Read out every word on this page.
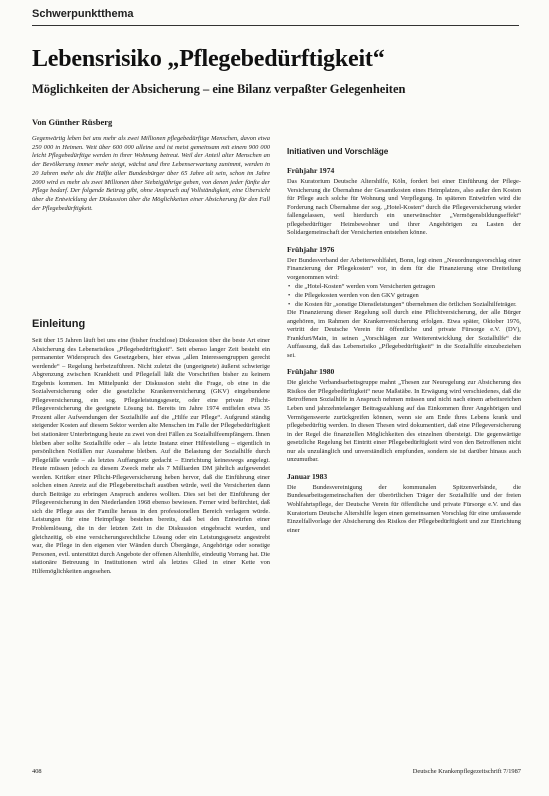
Schwerpunktthema
Lebensrisiko „Pflegebedürftigkeit“
Möglichkeiten der Absicherung – eine Bilanz verpaßter Gelegenheiten
Von Günther Rüsberg
Gegenwärtig leben bei uns mehr als zwei Millionen pflegebedürftige Menschen, davon etwa 250 000 in Heimen. Weit über 600 000 alleine und ist meist gemeinsam mit einem 900 000 leicht Pflegebedürftige werden in ihrer Wohnung betreut. Weil der Anteil alter Menschen an der Bevölkerung immer mehr steigt, wächst und ihre Lebenserwartung zunimmt, werden in 20 Jahren mehr als die Hälfte aller Bundesbürger über 65 Jahre alt sein, schon im Jahre 2000 wird es mehr als zwei Millionen über Siebzigjährige geben, von denen jeder fünfte der Pflege bedarf. Der folgende Beitrag gibt, ohne Anspruch auf Vollständigkeit, eine Übersicht über die Entwicklung der Diskussion über die Möglichkeiten einer Absicherung für den Fall der Pflegebedürftigkeit.
Einleitung
Seit über 15 Jahren läuft bei uns eine (bisher fruchtlose) Diskussion über die beste Art einer Absicherung des Lebensrisikos „Pflegebedürftigkeit“. Seit ebenso langer Zeit besteht ein permanenter Widerspruch des Gesetzgebers, hier etwas „allen Interessengruppen gerecht werdende“ – Regelung herbeizuführen. Nicht zuletzt die (ungeeignete) äußerst schwierige Abgrenzung zwischen Krankheit und Pflegefall läßt die Vorschriften bisher zu keinem Ergebnis kommen. Im Mittelpunkt der Diskussion steht die Frage, ob eine in die Sozialversicherung oder die gesetzliche Krankenversicherung (GKV) eingebundene Pflegeversicherung, ein sog. Pflegeleistungsgesetz, oder eine private Pflicht-Pflegeversicherung die geeignete Lösung ist. Bereits im Jahre 1974 entfielen etwa 35 Prozent aller Aufwendungen der Sozialhilfe auf die „Hilfe zur Pflege“. Aufgrund ständig steigender Kosten auf diesem Sektor werden alte Menschen im Falle der Pflegebedürftigkeit bei stationärer Unterbringung heute zu zwei von drei Fällen zu Sozialhilfeempfängern. Ihnen bleiben aber sollte Sozialhilfe oder – als letzte Instanz einer Hilfestellung – eigentlich in persönlichen Notfällen nur Ausnahme bleiben. Auf die Belastung der Sozialhilfe durch Pflegefälle wurde – als letztes Auffangnetz gedacht – Einrichtung keineswegs angelegt. Heute müssen jedoch zu diesem Zweck mehr als 7 Milliarden DM jährlich aufgewendet werden. Kritiker einer Pflicht-Pflegeversicherung heben hervor, daß die Einführung einer solchen einen Anreiz auf die Pflegebereitschaft ausüben würde, weil die Versicherten dann durch Beiträge zu erbringen Anspruch anderes wollten. Dies sei bei der Einführung der Pflegeversicherung in den Niederlanden 1968 ebenso bewiesen. Ferner wird befürchtet, daß sich die Pflege aus der Familie heraus in den professionellen Bereich verlagern würde. Leistungen für eine Heimpflege bestehen bereits, daß bei den Entwürfen einer Problemlösung, die in der letzten Zeit in die Diskussion eingebracht wurden, und gleichzeitig, ob eine versicherungsrechtliche Lösung oder ein Leistungsgesetz angestrebt war, die Pflege in den eigenen vier Wänden durch Übergänge, Angehörige oder sonstige Personen, evtl. unterstützt durch Angebote der offenen Altenhilfe, eindeutig Vorrang hat. Die stationäre Betreuung in Institutionen wird als letztes Glied in einer Kette von Hilfemöglichkeiten angesehen.
Initiativen und Vorschläge
Frühjahr 1974

Das Kuratorium Deutsche Altershilfe, Köln, fordert bei einer Einführung der Pflege-Versicherung die Übernahme der Gesamtkosten eines Heimplatzes, also außer den Kosten für Pflege auch solche für Wohnung und Verpflegung. In späteren Entwürfen wird die Forderung nach Übernahme der sog. „Hotel-Kosten“ durch die Pflegeversicherung wieder fallengelassen, weil hierdurch ein unerwünschter „Vermögensbildungseffekt“ pflegebedürftiger Heimbewohner und ihrer Angehörigen zu Lasten der Solidargemeinschaft der Versicherten entstehen könne.

Frühjahr 1976

Der Bundesverband der Arbeiterwohlfahrt, Bonn, legt einen „Neuordnungsvorschlag einer Finanzierung der Pflegekosten“ vor, in dem für die Finanzierung eine Dreiteilung vorgenommen wird:

• die „Hotel-Kosten“ werden vom Versicherten getragen
• die Pflegekosten werden von den GKV getragen
• die Kosten für „sonstige Dienstleistungen“ übernehmen die örtlichen Sozialhilfeträger.

Die Finanzierung dieser Regelung soll durch eine Pflichtversicherung, der alle Bürger angehören, im Rahmen der Krankenversicherung erfolgen. Etwa später, Oktober 1976, vertritt der Deutsche Verein für öffentliche und private Fürsorge e.V. (DV), Frankfurt/Main, in seinen „Vorschlägen zur Weiterentwicklung der Sozialhilfe“ die Auffassung, daß das Lebensrisiko „Pflegebedürftigkeit“ in die Sozialhilfe einzubeziehen sei.

Frühjahr 1980

Die gleiche Verbandsarbeitsgruppe mahnt „Thesen zur Neuregelung zur Absicherung des Risikos der Pflegebedürftigkeit“ neue Maßstäbe. In Erwägung wird verschiedenes, daß die Betroffenen Sozialhilfe in Anspruch nehmen müssen und nicht nach einem arbeitsreichen Leben und jahrzehntelanger Beitragszahlung auf das Einkommen ihrer Angehörigen und Vermögenswerte zurückgreifen können, wenn sie am Ende ihres Lebens krank und pflegebedürftig werden. In diesen Thesen wird dokumentiert, daß eine Pflegeversicherung in der Regel die finanziellen Möglichkeiten des einzelnen übersteigt. Die gegenwärtige gesetzliche Regelung bei Eintritt einer Pflegebedürftigkeit wird von den Betroffenen nicht nur als unzulänglich und unverständlich empfunden, sondern sie ist darüber hinaus auch unzumutbar.

Januar 1983

Die Bundesvereinigung der kommunalen Spitzenverbände, die Bundesarbeitsgemeinschaften der überörtlichen Träger der Sozialhilfe und der freien Wohlfahrtspflege, der Deutsche Verein für öffentliche und private Fürsorge e.V. und das Kuratorium Deutsche Altershilfe legen einen gemeinsamen Vorschlag für eine umfassende Einzelfallvorlage der Absicherung des Risikos der Pflegebedürftigkeit und zur Einrichtung einer

408	Deutsche Krankenpflegezeitschrift 7/1987
